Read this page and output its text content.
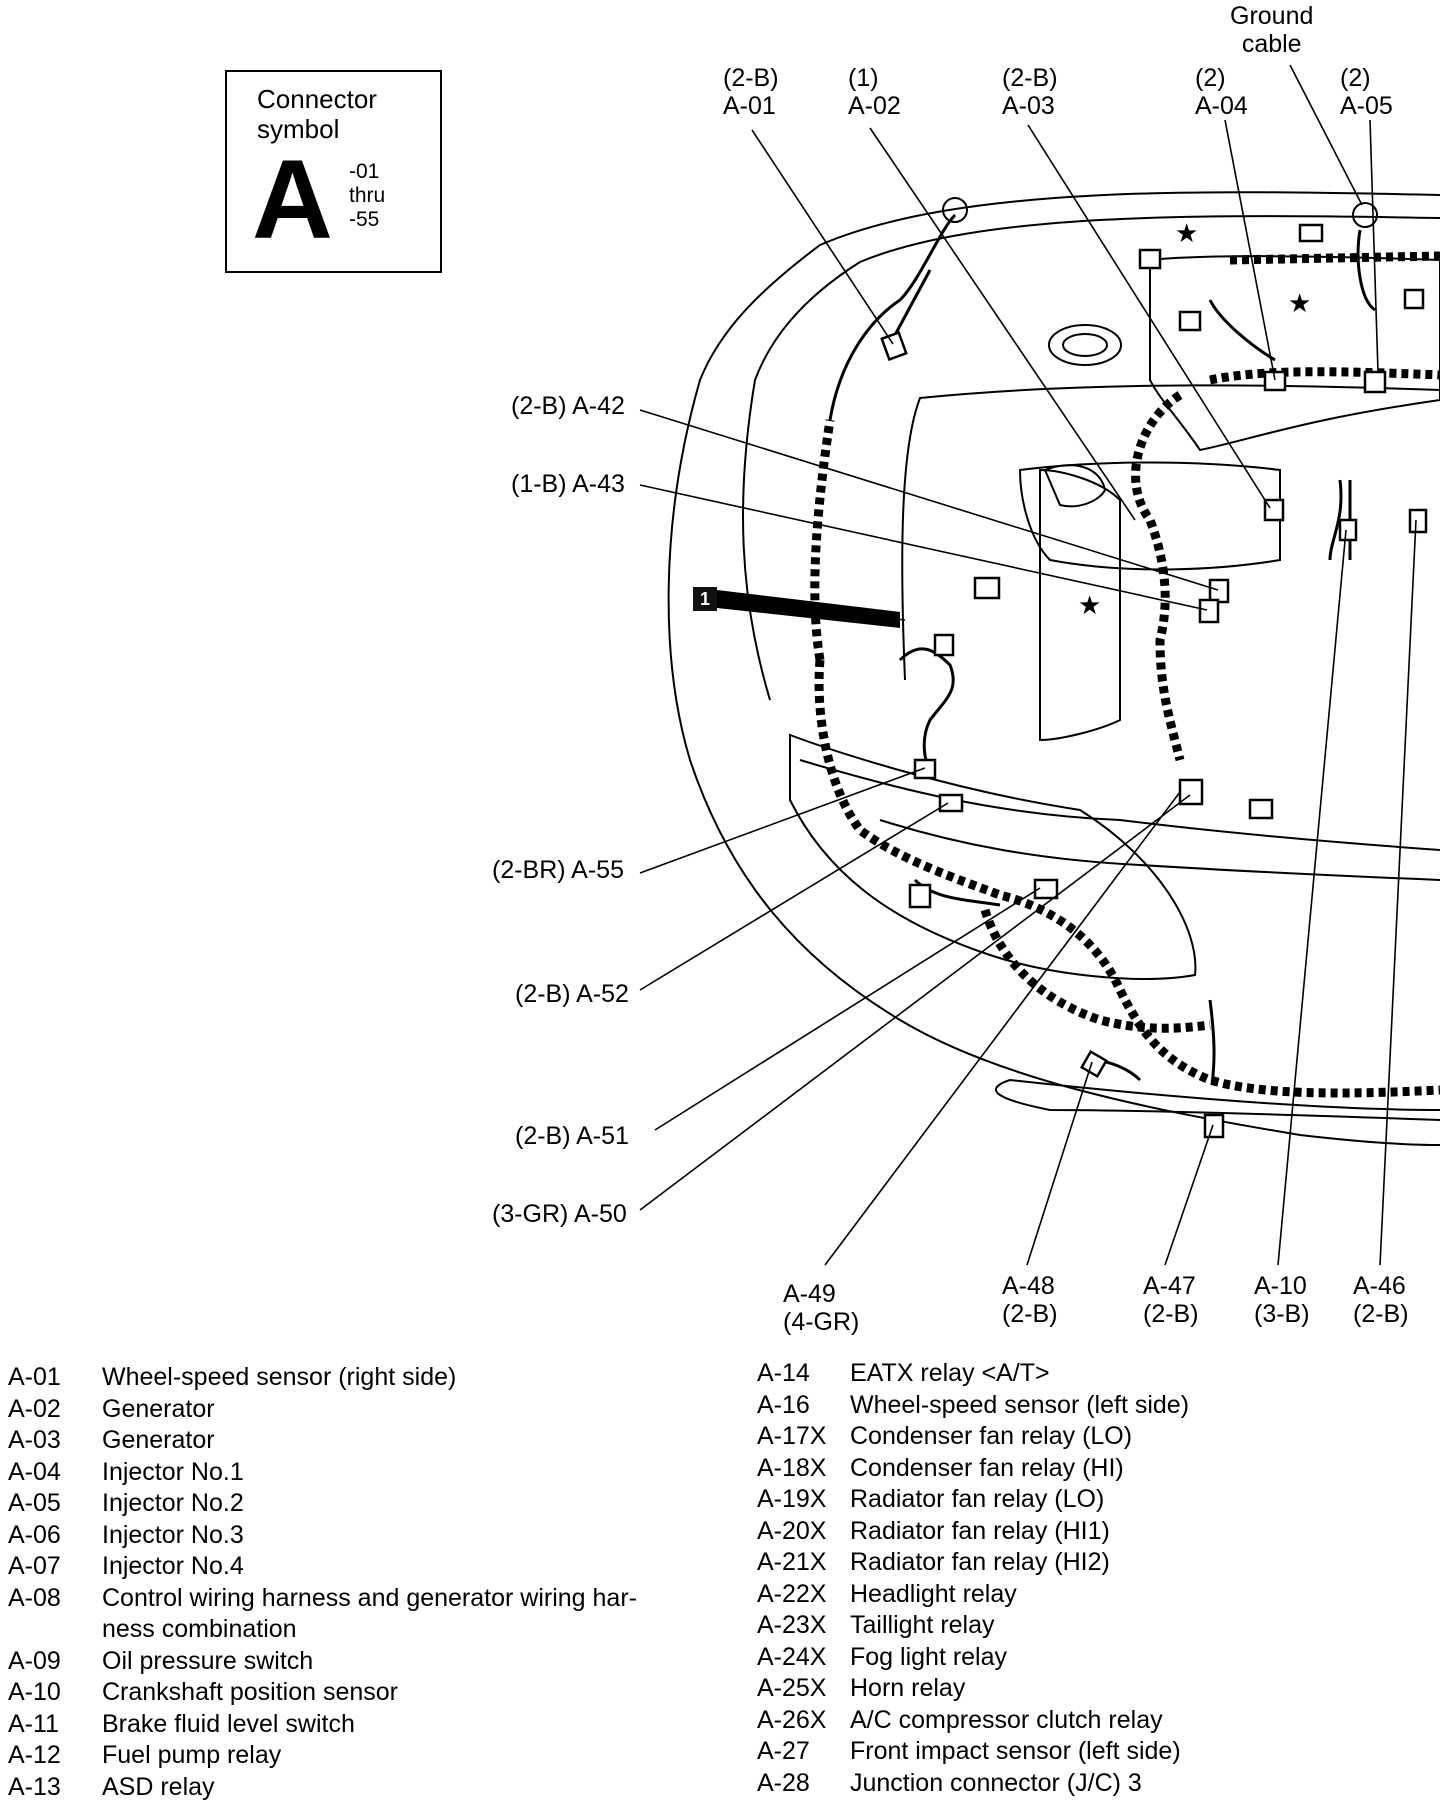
★
★
★
Connector
symbol
A -01
thru
-55
1
(2-B)
A-01
(1)
A-02
(2-B)
A-03
(2)
A-04
(2)
A-05
Ground
cable
(2-B) A-42
(1-B) A-43
(2-BR) A-55
(2-B) A-52
(2-B) A-51
(3-GR) A-50
A-49
(4-GR)
A-48
(2-B)
A-47
(2-B)
A-10
(3-B)
A-46
(2-B)
A-01 Wheel-speed sensor (right side)
A-02 Generator
A-03 Generator
A-04 Injector No.1
A-05 Injector No.2
A-06 Injector No.3
A-07 Injector No.4
A-08 Control wiring harness and generator wiring har-
ness combination
A-09 Oil pressure switch
A-10 Crankshaft position sensor
A-11 Brake fluid level switch
A-12 Fuel pump relay
A-13 ASD relay
A-14 EATX relay <A/T>
A-16 Wheel-speed sensor (left side)
A-17X Condenser fan relay (LO)
A-18X Condenser fan relay (HI)
A-19X Radiator fan relay (LO)
A-20X Radiator fan relay (HI1)
A-21X Radiator fan relay (HI2)
A-22X Headlight relay
A-23X Taillight relay
A-24X Fog light relay
A-25X Horn relay
A-26X A/C compressor clutch relay
A-27 Front impact sensor (left side)
A-28 Junction connector (J/C) 3
